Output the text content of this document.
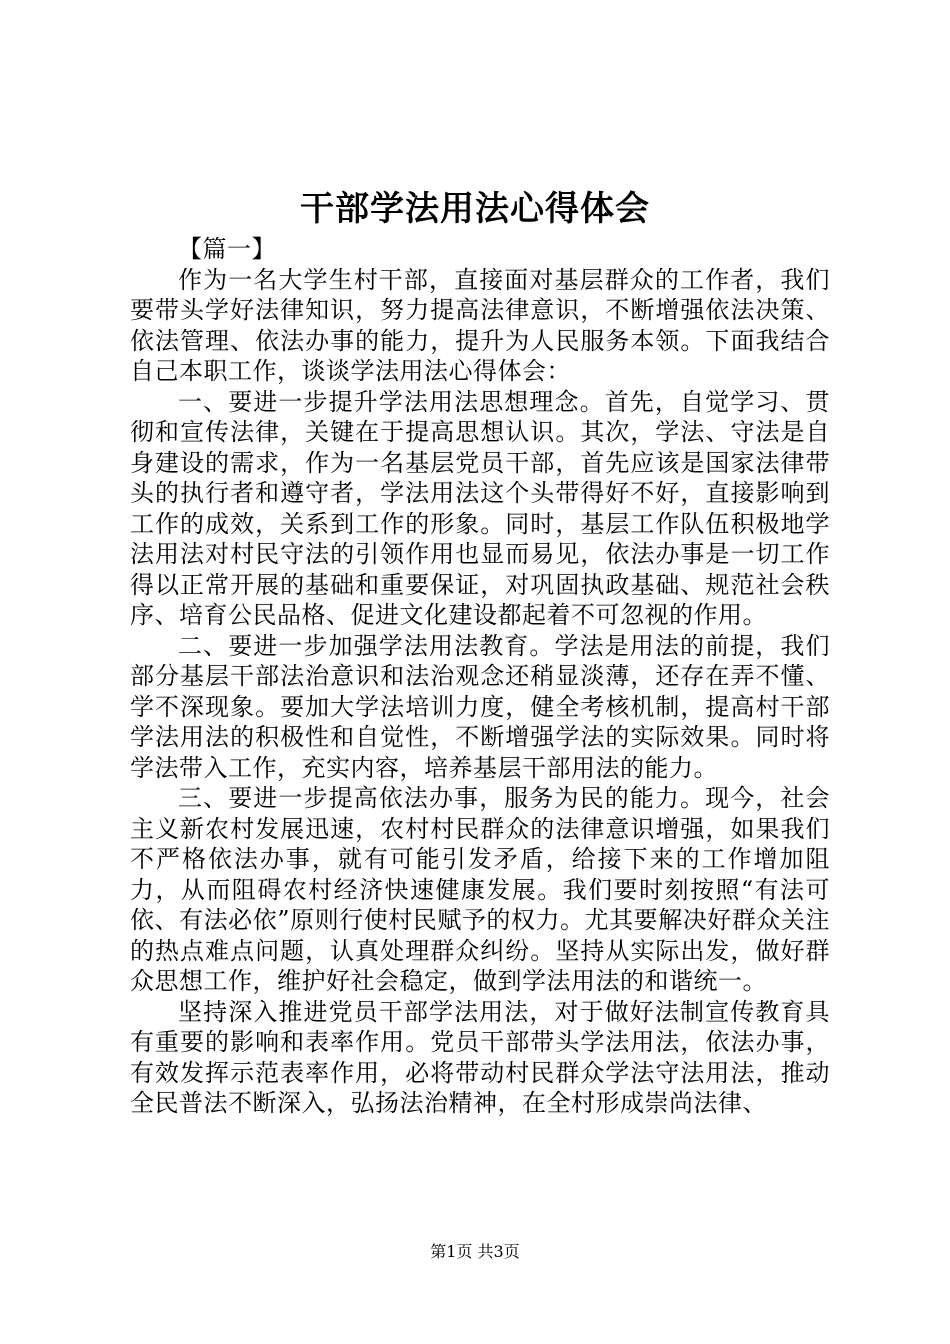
干部学法用法心得体会

【篇一】

作为一名大学生村干部，直接面对基层群众的工作者，我们要带头学好法律知识，努力提高法律意识，不断增强依法决策、依法管理、依法办事的能力，提升为人民服务本领。下面我结合自己本职工作，谈谈学法用法心得体会：

一、要进一步提升学法用法思想理念。首先，自觉学习、贯彻和宣传法律，关键在于提高思想认识。其次，学法、守法是自身建设的需求，作为一名基层党员干部，首先应该是国家法律带头的执行者和遵守者，学法用法这个头带得好不好，直接影响到工作的成效，关系到工作的形象。同时，基层工作队伍积极地学法用法对村民守法的引领作用也显而易见，依法办事是一切工作得以正常开展的基础和重要保证，对巩固执政基础、规范社会秩序、培育公民品格、促进文化建设都起着不可忽视的作用。

二、要进一步加强学法用法教育。学法是用法的前提，我们部分基层干部法治意识和法治观念还稍显淡薄，还存在弄不懂、学不深现象。要加大学法培训力度，健全考核机制，提高村干部学法用法的积极性和自觉性，不断增强学法的实际效果。同时将学法带入工作，充实内容，培养基层干部用法的能力。

三、要进一步提高依法办事，服务为民的能力。现今，社会主义新农村发展迅速，农村村民群众的法律意识增强，如果我们不严格依法办事，就有可能引发矛盾，给接下来的工作增加阻力，从而阻碍农村经济快速健康发展。我们要时刻按照“有法可依、有法必依”原则行使村民赋予的权力。尤其要解决好群众关注的热点难点问题，认真处理群众纠纷。坚持从实际出发，做好群众思想工作，维护好社会稳定，做到学法用法的和谐统一。

坚持深入推进党员干部学法用法，对于做好法制宣传教育具有重要的影响和表率作用。党员干部带头学法用法，依法办事，有效发挥示范表率作用，必将带动村民群众学法守法用法，推动全民普法不断深入，弘扬法治精神，在全村形成崇尚法律、

第1页 共3页
